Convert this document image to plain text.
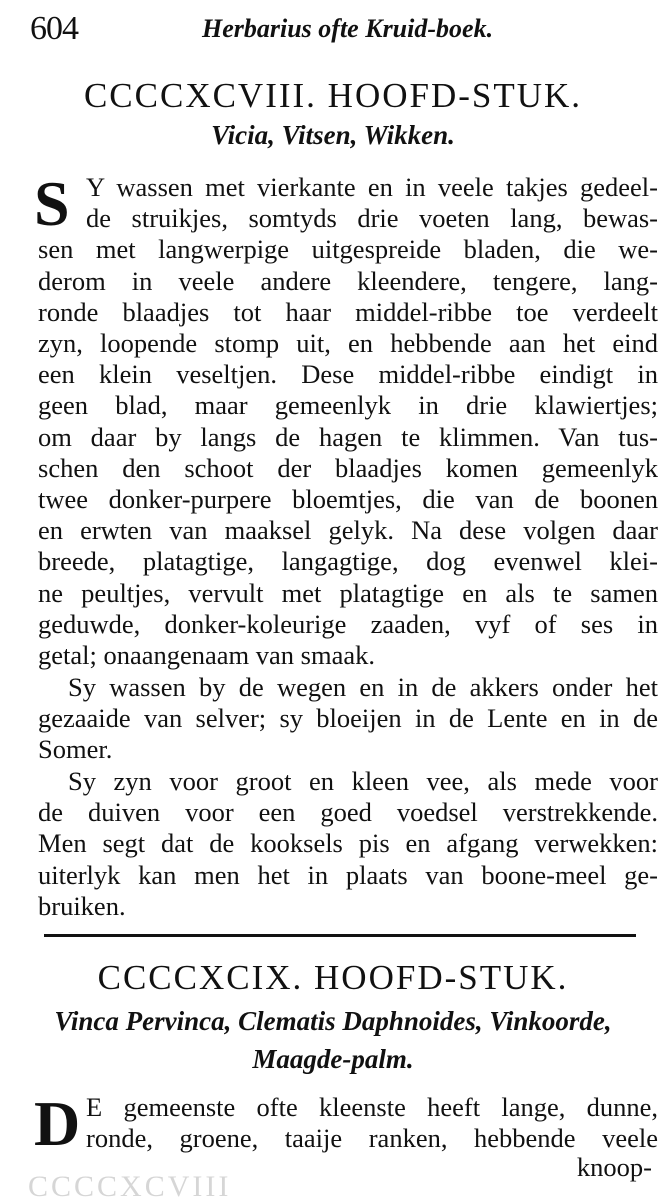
604	Herbarius ofte Kruid-boek.
CCCCXCVIII. HOOFD-STUK.
Vicia, Vitsen, Wikken.
S Y wassen met vierkante en in veele takjes gedeel-
de struikjes, somtyds drie voeten lang, bewas-
sen met langwerpige uitgespreide bladen, die we-
derom in veele andere kleendere, tengere, lang-
ronde blaadjes tot haar middel-ribbe toe verdeelt
zyn, loopende stomp uit, en hebbende aan het eind
een klein veseltjen. Dese middel-ribbe eindigt in
geen blad, maar gemeenlyk in drie klawiertjes;
om daar by langs de hagen te klimmen. Van tus-
schen den schoot der blaadjes komen gemeenlyk
twee donker-purpere bloemtjes, die van de boonen
en erwten van maaksel gelyk. Na dese volgen daar
breede, platagtige, langagtige, dog evenwel klei-
ne peultjes, vervult met platagtige en als te samen
geduwde, donker-koleurige zaaden, vyf of ses in
getal; onaangenaam van smaak.
Sy wassen by de wegen en in de akkers onder het
gezaaide van selver; sy bloeijen in de Lente en in de
Somer.
Sy zyn voor groot en kleen vee, als mede voor
de duiven voor een goed voedsel verstrekkende.
Men segt dat de kooksels pis en afgang verwekken:
uiterlyk kan men het in plaats van boone-meel ge-
bruiken.
CCCCXCIX. HOOFD-STUK.
Vinca Pervinca, Clematis Daphnoides, Vinkoorde,
Maagde-palm.
D E gemeenste ofte kleenste heeft lange, dunne,
ronde, groene, taaije ranken, hebbende veele
knoop-
CCCCXCVIII
